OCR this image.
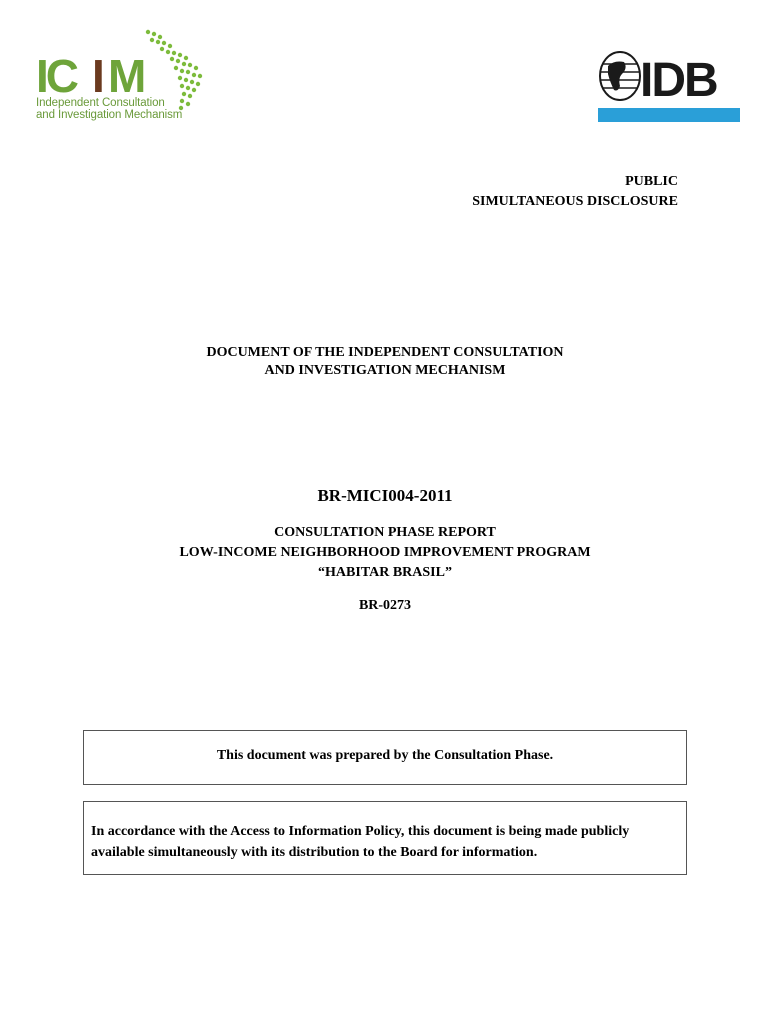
IC I M
Independent Consultation
and Investigation Mechanism
IDB
PUBLIC
SIMULTANEOUS DISCLOSURE
DOCUMENT OF THE INDEPENDENT CONSULTATION
AND INVESTIGATION MECHANISM
BR-MICI004-2011
CONSULTATION PHASE REPORT
LOW-INCOME NEIGHBORHOOD IMPROVEMENT PROGRAM
“HABITAR BRASIL”
BR-0273
This document was prepared by the Consultation Phase.
In accordance with the Access to Information Policy, this document is being made publicly available simultaneously with its distribution to the Board for information.
